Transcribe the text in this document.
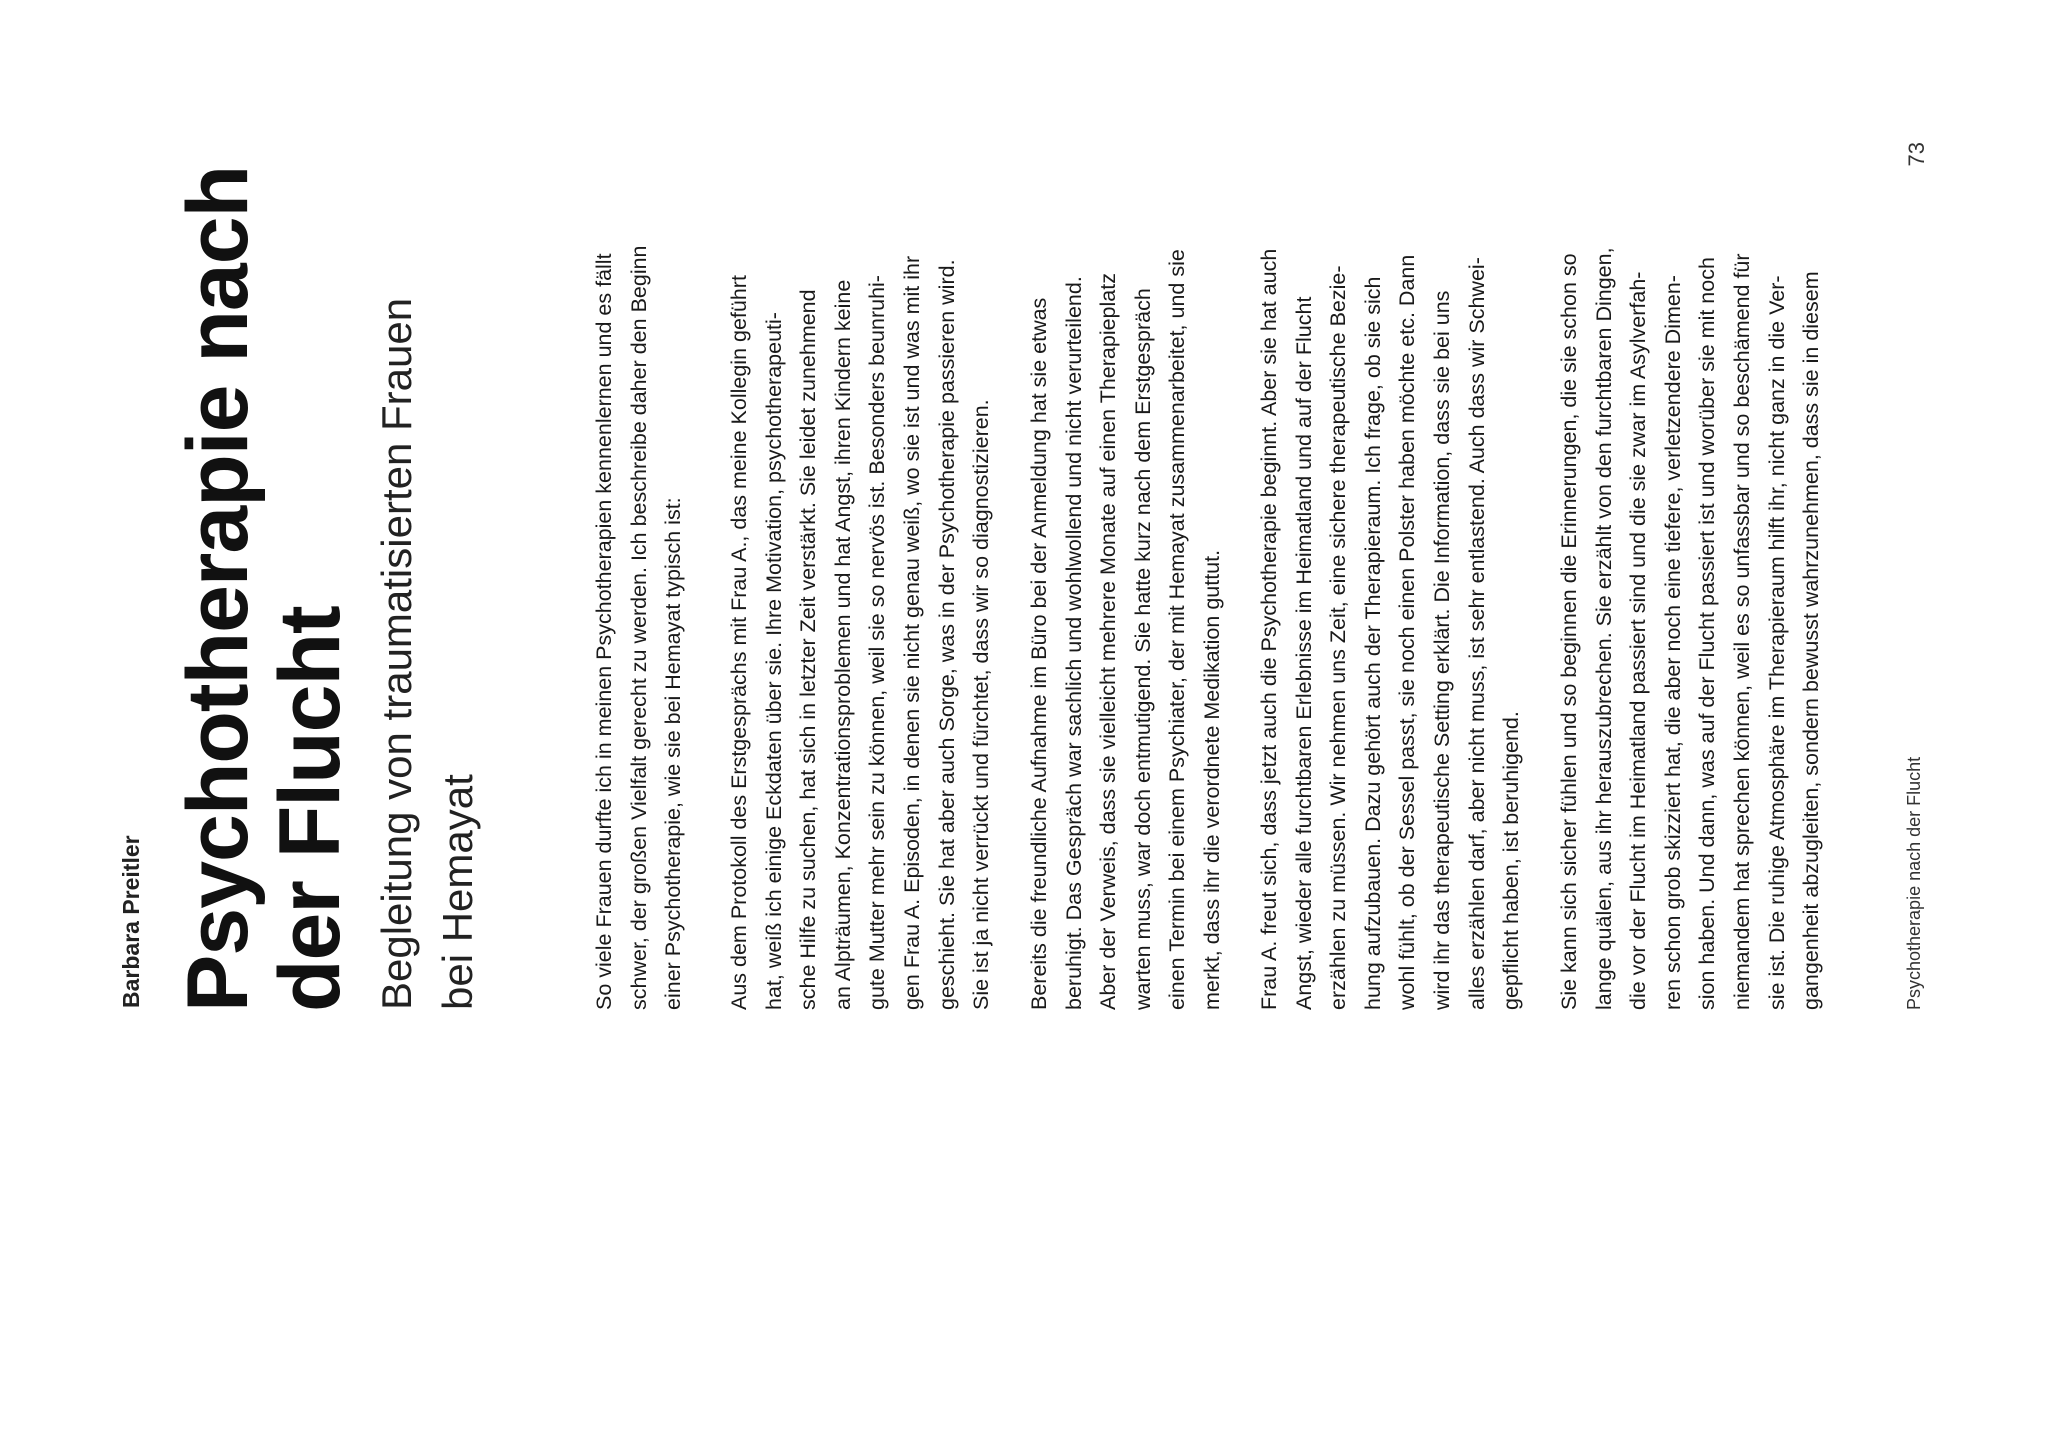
Barbara Preitler Psychotherapie nach
der Flucht Begleitung von traumatisierten Frauen bei Hemayat	So viele Frauen durfte ich in meinen Psychotherapien kennenlernen und es fällt schwer, der großen Vielfalt gerecht zu werden. Ich beschreibe daher den Beginn einer Psychotherapie, wie sie bei Hemayat typisch ist: Aus dem Protokoll des Erstgesprächs mit Frau A., das meine Kollegin geführt hat, weiß ich einige Eckdaten über sie. Ihre Motivation, psychotherapeuti- sche Hilfe zu suchen, hat sich in letzter Zeit verstärkt. Sie leidet zunehmend an Alpträumen, Konzentrationsproblemen und hat Angst, ihren Kindern keine gute Mutter mehr sein zu können, weil sie so nervös ist. Besonders beunruhi- gen Frau A. Episoden, in denen sie nicht genau weiß, wo sie ist und was mit ihr geschieht. Sie hat aber auch Sorge, was in der Psychotherapie passieren wird. Sie ist ja nicht verrückt und fürchtet, dass wir so diagnostizieren. Bereits die freundliche Aufnahme im Büro bei der Anmeldung hat sie etwas beruhigt. Das Gespräch war sachlich und wohlwollend und nicht verurteilend. Aber der Verweis, dass sie vielleicht mehrere Monate auf einen Therapieplatz warten muss, war doch entmutigend. Sie hatte kurz nach dem Erstgespräch einen Termin bei einem Psychiater, der mit Hemayat zusammenarbeitet, und sie merkt, dass ihr die verordnete Medikation guttut. Frau A. freut sich, dass jetzt auch die Psychotherapie beginnt. Aber sie hat auch Angst, wieder alle furchtbaren Erlebnisse im Heimatland und auf der Flucht erzählen zu müssen. Wir nehmen uns Zeit, eine sichere therapeutische Bezie- hung aufzubauen. Dazu gehört auch der Therapieraum. Ich frage, ob sie sich wohl fühlt, ob der Sessel passt, sie noch einen Polster haben möchte etc. Dann wird ihr das therapeutische Setting erklärt. Die Information, dass sie bei uns alles erzählen darf, aber nicht muss, ist sehr entlastend. Auch dass wir Schwei- gepflicht haben, ist beruhigend. Sie kann sich sicher fühlen und so beginnen die Erinnerungen, die sie schon so lange quälen, aus ihr herauszubrechen. Sie erzählt von den furchtbaren Dingen, die vor der Flucht im Heimatland passiert sind und die sie zwar im Asylverfah- ren schon grob skizziert hat, die aber noch eine tiefere, verletzendere Dimen- sion haben. Und dann, was auf der Flucht passiert ist und worüber sie mit noch niemandem hat sprechen können, weil es so unfassbar und so beschämend für sie ist. Die ruhige Atmosphäre im Therapieraum hilft ihr, nicht ganz in die Ver- gangenheit abzugleiten, sondern bewusst wahrzunehmen, dass sie in diesem	Psychotherapie nach der Flucht
73
